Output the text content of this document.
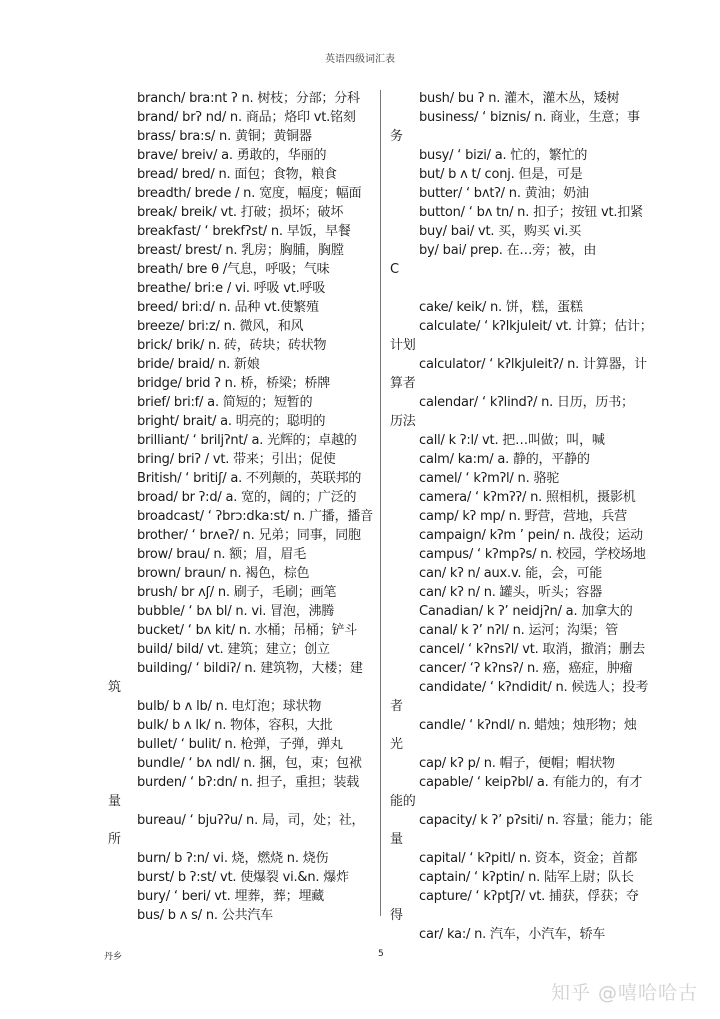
英语四级词汇表
branch/ bra:nt ʔ n. 树枝；分部；分科
brand/ brʔ nd/ n. 商品；烙印 vt.铭刻
brass/ bra:s/ n. 黄铜；黄铜器
brave/ breiv/ a. 勇敢的，华丽的
bread/ bred/ n. 面包；食物，粮食
breadth/ brede / n. 宽度，幅度；幅面
break/ breik/ vt. 打破；损坏；破坏
breakfast/ ‘ brekfʔst/ n. 早饭，早餐
breast/ brest/ n. 乳房；胸脯，胸膛
breath/ bre θ /气息，呼吸；气味
breathe/ bri:e / vi. 呼吸 vt.呼吸
breed/ bri:d/ n. 品种 vt.使繁殖
breeze/ bri:z/ n. 微风，和风
brick/ brik/ n. 砖，砖块；砖状物
bride/ braid/ n. 新娘
bridge/ brid ʔ n. 桥，桥梁；桥牌
brief/ bri:f/ a. 简短的；短暂的
bright/ brait/ a. 明亮的；聪明的
brilliant/ ‘ briljʔnt/ a. 光辉的；卓越的
bring/ briʔ / vt. 带来；引出；促使
British/ ‘ britiʃ/ a. 不列颠的，英联邦的
broad/ br ʔ:d/ a. 宽的，阔的；广泛的
broadcast/ ‘ ʔbrɔ:dka:st/ n. 广播，播音
brother/ ‘ brʌeʔ/ n. 兄弟；同事，同胞
brow/ brau/ n. 额；眉，眉毛
brown/ braun/ n. 褐色，棕色
brush/ br ʌʃ/ n. 刷子，毛刷；画笔
bubble/ ‘ bʌ bl/ n. vi. 冒泡，沸腾
bucket/ ‘ bʌ kit/ n. 水桶；吊桶；铲斗
build/ bild/ vt. 建筑；建立；创立
building/ ‘ bildiʔ/ n. 建筑物，大楼；建
筑
bulb/ b ʌ lb/ n. 电灯泡；球状物
bulk/ b ʌ lk/ n. 物体，容积，大批
bullet/ ‘ bulit/ n. 枪弹，子弹，弹丸
bundle/ ‘ bʌ ndl/ n. 捆，包，束；包袱
burden/ ‘ bʔ:dn/ n. 担子，重担；装载
量
bureau/ ‘ bjuʔʔu/ n. 局，司，处；社，
所
burn/ b ʔ:n/ vi. 烧，燃烧 n. 烧伤
burst/ b ʔ:st/ vt. 使爆裂 vi.&n. 爆炸
bury/ ‘ beri/ vt. 埋葬，葬；埋藏
bus/ b ʌ s/ n. 公共汽车
bush/ bu ʔ n. 灌木，灌木丛，矮树
business/ ‘ biznis/ n. 商业，生意；事
务
busy/ ‘ bizi/ a. 忙的，繁忙的
but/ b ʌ t/ conj. 但是，可是
butter/ ‘ bʌtʔ/ n. 黄油；奶油
button/ ‘ bʌ tn/ n. 扣子；按钮 vt.扣紧
buy/ bai/ vt. 买，购买 vi.买
by/ bai/ prep. 在…旁；被，由
C
cake/ keik/ n. 饼，糕，蛋糕
calculate/ ‘ kʔlkjuleit/ vt. 计算；估计；
计划
calculator/ ‘ kʔlkjuleitʔ/ n. 计算器，计
算者
calendar/ ‘ kʔlindʔ/ n. 日历，历书；
历法
call/ k ʔ:l/ vt. 把…叫做；叫，喊
calm/ ka:m/ a. 静的，平静的
camel/ ‘ kʔmʔl/ n. 骆驼
camera/ ‘ kʔmʔʔ/ n. 照相机，摄影机
camp/ kʔ mp/ n. 野营，营地，兵营
campaign/ kʔm ’ pein/ n. 战役；运动
campus/ ‘ kʔmpʔs/ n. 校园，学校场地
can/ kʔ n/ aux.v. 能，会，可能
can/ kʔ n/ n. 罐头，听头；容器
Canadian/ k ʔ’ neidjʔn/ a. 加拿大的
canal/ k ʔ’ nʔl/ n. 运河；沟渠；管
cancel/ ‘ kʔnsʔl/ vt. 取消，撤消；删去
cancer/ ‘ʔ kʔnsʔ/ n. 癌，癌症，肿瘤
candidate/ ‘ kʔndidit/ n. 候选人；投考
者
candle/ ‘ kʔndl/ n. 蜡烛；烛形物；烛
光
cap/ kʔ p/ n. 帽子，便帽；帽状物
capable/ ‘ keipʔbl/ a. 有能力的，有才
能的
capacity/ k ʔ’ pʔsiti/ n. 容量；能力；能
量
capital/ ‘ kʔpitl/ n. 资本，资金；首都
captain/ ‘ kʔptin/ n. 陆军上尉；队长
capture/ ‘ kʔptʃʔ/ vt. 捕获，俘获；夺
得
car/ ka:/ n. 汽车，小汽车，轿车
丹乡	5
知乎 @嘻哈哈古
